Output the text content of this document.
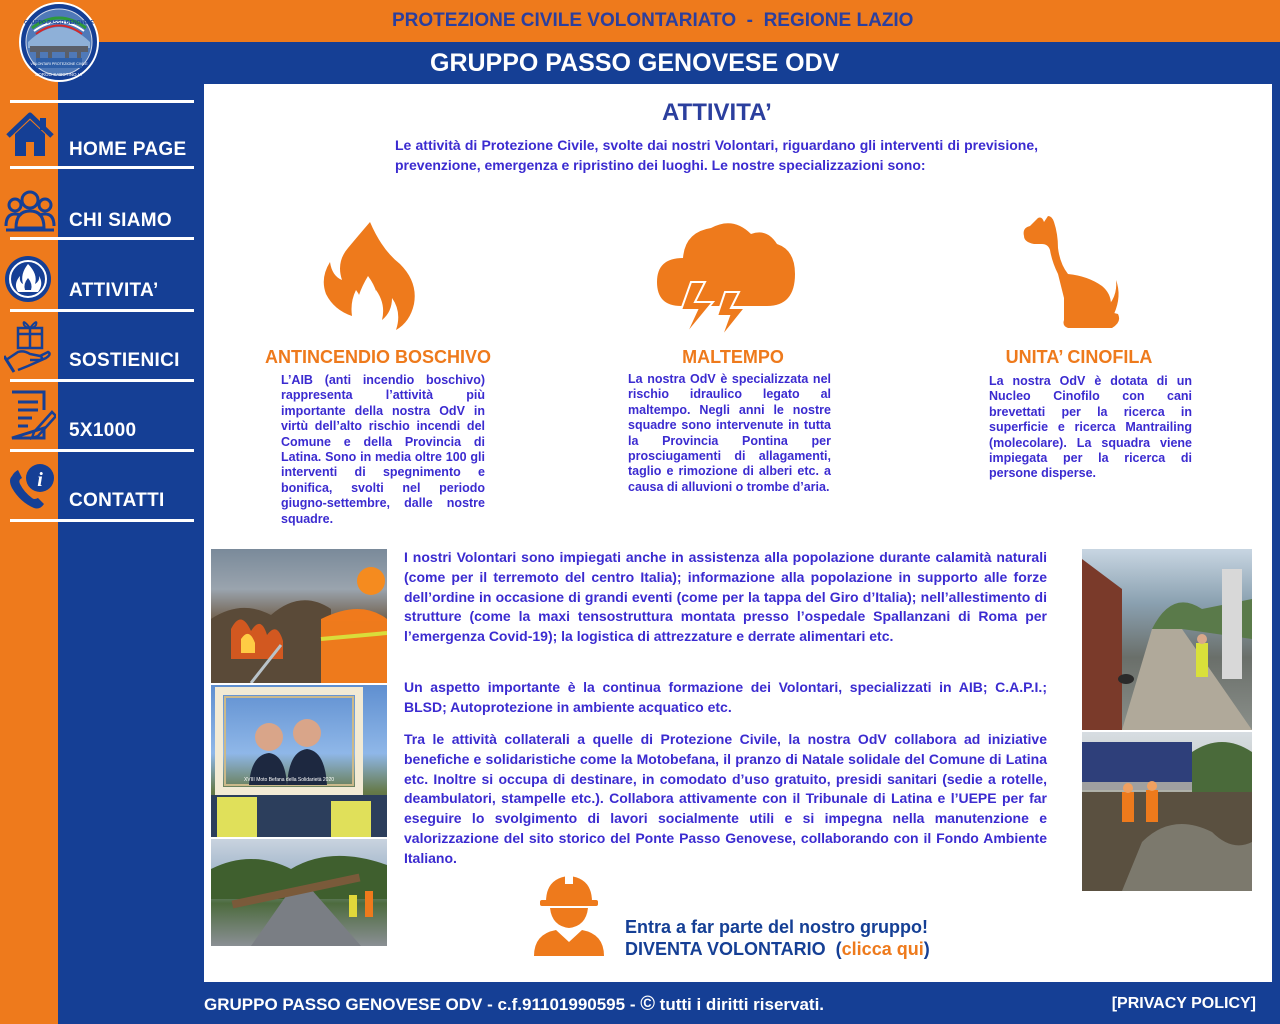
PROTEZIONE CIVILE VOLONTARIATO  -  REGIONE LAZIO
GRUPPO PASSO GENOVESE ODV
GRUPPO PASSO GENOVESE
VOLONTARI PROTEZIONE CIVILE
BORGO SABOTINO LT
HOME PAGE
CHI SIAMO
ATTIVITA’
SOSTIENICI
5X1000
i
CONTATTI
ATTIVITA’
Le attività di Protezione Civile, svolte dai nostri Volontari, riguardano gli interventi di previsione, prevenzione, emergenza e ripristino dei luoghi. Le nostre specializzazioni sono:
ANTINCENDIO BOSCHIVO
L’AIB (anti incendio boschivo) rappresenta l’attività più importante della nostra OdV in virtù dell’alto rischio incendi del Comune e della Provincia di Latina. Sono in media oltre 100 gli interventi di spegnimento e bonifica, svolti nel periodo giugno-settembre, dalle nostre squadre.
MALTEMPO
La nostra OdV è specializzata nel rischio idraulico legato al maltempo. Negli anni le nostre squadre sono intervenute in tutta la Provincia Pontina per prosciugamenti di allagamenti, taglio e rimozione di alberi etc. a causa di alluvioni o trombe d’aria.
UNITA’ CINOFILA
La nostra OdV è dotata di un Nucleo Cinofilo con cani brevettati per la ricerca in superficie e ricerca Mantrailing (molecolare). La squadra viene impiegata per la ricerca di persone disperse.
XVIII Moto Befana della Solidarietà 2020
I nostri Volontari sono impiegati anche in assistenza alla popolazione durante calamità naturali (come per il terremoto del centro Italia); informazione alla popolazione in supporto alle forze dell’ordine in occasione di grandi eventi (come per la tappa del Giro d’Italia); nell’allestimento di strutture (come la maxi tensostruttura montata presso l’ospedale Spallanzani di Roma per l’emergenza Covid-19); la logistica di attrezzature e derrate alimentari etc.
Un aspetto importante è la continua formazione dei Volontari, specializzati in AIB; C.A.P.I.; BLSD; Autoprotezione in ambiente acquatico etc.
Tra le attività collaterali a quelle di Protezione Civile, la nostra OdV collabora ad iniziative benefiche e solidaristiche come la Motobefana, il pranzo di Natale solidale del Comune di Latina etc. Inoltre si occupa di destinare, in comodato d’uso gratuito, presidi sanitari (sedie a rotelle, deambulatori, stampelle etc.). Collabora attivamente con il Tribunale di Latina e l’UEPE per far eseguire lo svolgimento di lavori socialmente utili e si impegna nella manutenzione e valorizzazione del sito storico del Ponte Passo Genovese, collaborando con il Fondo Ambiente Italiano.
Entra a far parte del nostro gruppo!
DIVENTA VOLONTARIO  (clicca qui)
GRUPPO PASSO GENOVESE ODV - c.f.91101990595 - © tutti i diritti riservati.	[PRIVACY POLICY]
